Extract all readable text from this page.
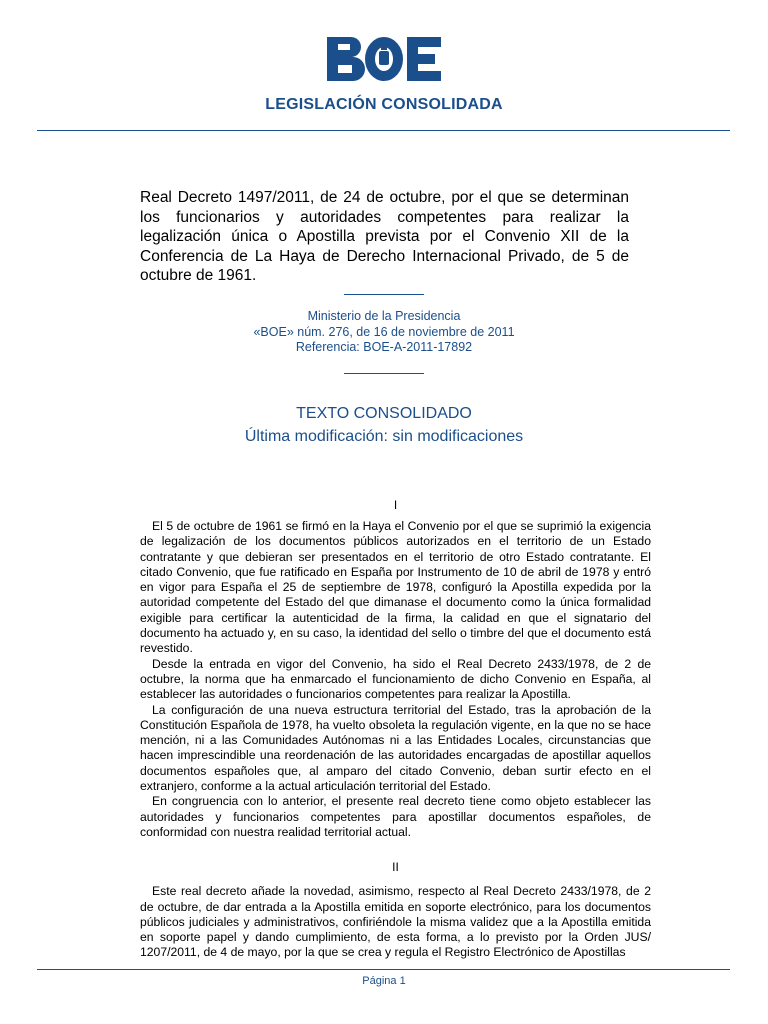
LEGISLACIÓN CONSOLIDADA
Real Decreto 1497/2011, de 24 de octubre, por el que se determinan los funcionarios y autoridades competentes para realizar la legalización única o Apostilla prevista por el Convenio XII de la Conferencia de La Haya de Derecho Internacional Privado, de 5 de octubre de 1961.
Ministerio de la Presidencia
«BOE» núm. 276, de 16 de noviembre de 2011
Referencia: BOE-A-2011-17892
TEXTO CONSOLIDADO
Última modificación: sin modificaciones

I

El 5 de octubre de 1961 se firmó en la Haya el Convenio por el que se suprimió la exigencia de legalización de los documentos públicos autorizados en el territorio de un Estado contratante y que debieran ser presentados en el territorio de otro Estado contratante. El citado Convenio, que fue ratificado en España por Instrumento de 10 de abril de 1978 y entró en vigor para España el 25 de septiembre de 1978, configuró la Apostilla expedida por la autoridad competente del Estado del que dimanase el documento como la única formalidad exigible para certificar la autenticidad de la firma, la calidad en que el signatario del documento ha actuado y, en su caso, la identidad del sello o timbre del que el documento está revestido.

Desde la entrada en vigor del Convenio, ha sido el Real Decreto 2433/1978, de 2 de octubre, la norma que ha enmarcado el funcionamiento de dicho Convenio en España, al establecer las autoridades o funcionarios competentes para realizar la Apostilla.

La configuración de una nueva estructura territorial del Estado, tras la aprobación de la Constitución Española de 1978, ha vuelto obsoleta la regulación vigente, en la que no se hace mención, ni a las Comunidades Autónomas ni a las Entidades Locales, circunstancias que hacen imprescindible una reordenación de las autoridades encargadas de apostillar aquellos documentos españoles que, al amparo del citado Convenio, deban surtir efecto en el extranjero, conforme a la actual articulación territorial del Estado.

En congruencia con lo anterior, el presente real decreto tiene como objeto establecer las autoridades y funcionarios competentes para apostillar documentos españoles, de conformidad con nuestra realidad territorial actual.

II

Este real decreto añade la novedad, asimismo, respecto al Real Decreto 2433/1978, de 2 de octubre, de dar entrada a la Apostilla emitida en soporte electrónico, para los documentos públicos judiciales y administrativos, confiriéndole la misma validez que a la Apostilla emitida en soporte papel y dando cumplimiento, de esta forma, a lo previsto por la Orden JUS/ 1207/2011, de 4 de mayo, por la que se crea y regula el Registro Electrónico de Apostillas

Página 1
